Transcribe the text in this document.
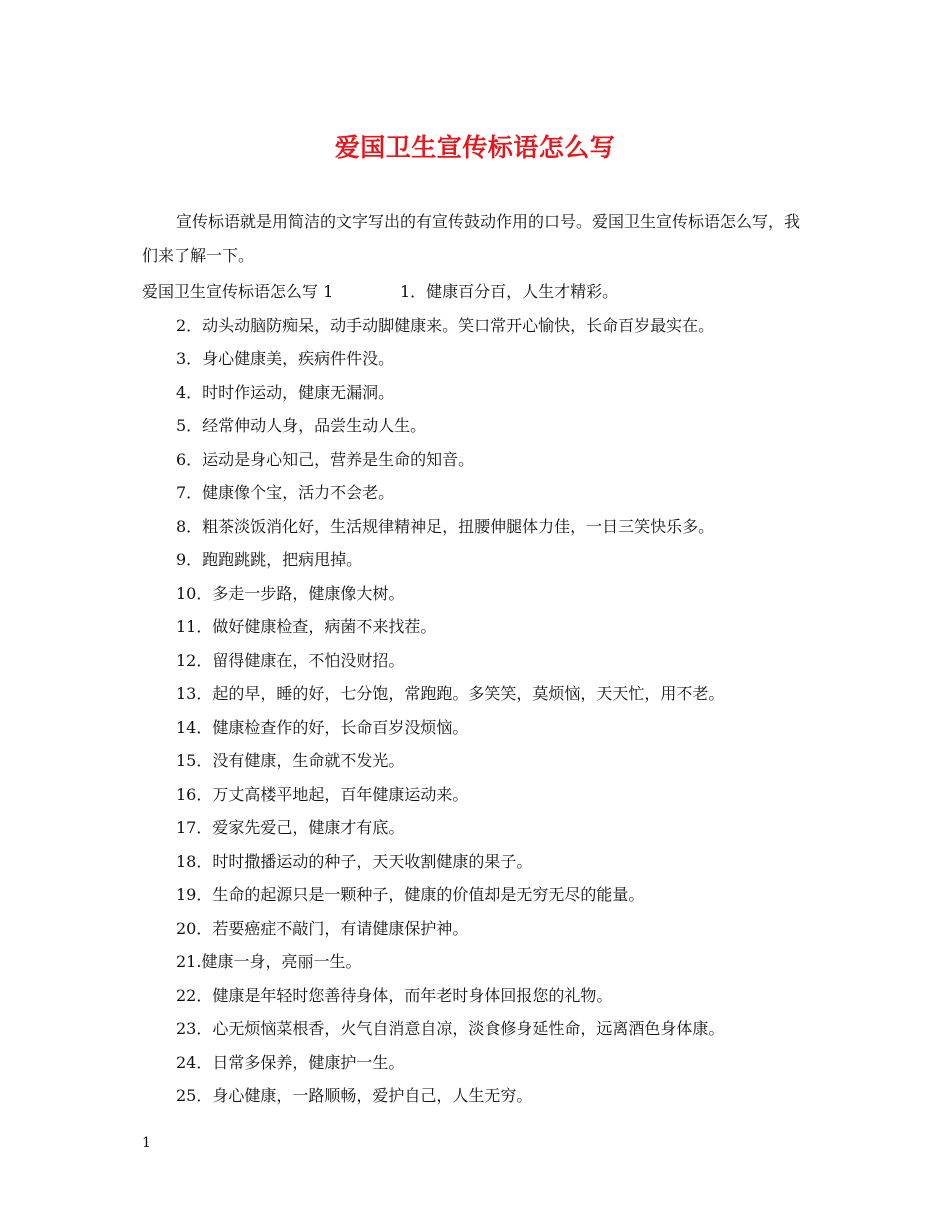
爱国卫生宣传标语怎么写

宣传标语就是用简洁的文字写出的有宣传鼓动作用的口号。爱国卫生宣传标语怎么写，我们来了解一下。

爱国卫生宣传标语怎么写 1	1．健康百分百，人生才精彩。
2．动头动脑防痴呆，动手动脚健康来。笑口常开心愉快，长命百岁最实在。
3．身心健康美，疾病件件没。
4．时时作运动，健康无漏洞。
5．经常伸动人身，品尝生动人生。
6．运动是身心知己，营养是生命的知音。
7．健康像个宝，活力不会老。
8．粗茶淡饭消化好，生活规律精神足，扭腰伸腿体力佳，一日三笑快乐多。
9．跑跑跳跳，把病甩掉。
10．多走一步路，健康像大树。
11．做好健康检查，病菌不来找茬。
12．留得健康在，不怕没财招。
13．起的早，睡的好，七分饱，常跑跑。多笑笑，莫烦恼，天天忙，用不老。
14．健康检查作的好，长命百岁没烦恼。
15．没有健康，生命就不发光。
16．万丈高楼平地起，百年健康运动来。
17．爱家先爱己，健康才有底。
18．时时撒播运动的种子，天天收割健康的果子。
19．生命的起源只是一颗种子，健康的价值却是无穷无尽的能量。
20．若要癌症不敲门，有请健康保护神。
21.健康一身，亮丽一生。
22．健康是年轻时您善待身体，而年老时身体回报您的礼物。
23．心无烦恼菜根香，火气自消意自凉，淡食修身延性命，远离酒色身体康。
24．日常多保养，健康护一生。
25．身心健康，一路顺畅，爱护自己，人生无穷。
1
